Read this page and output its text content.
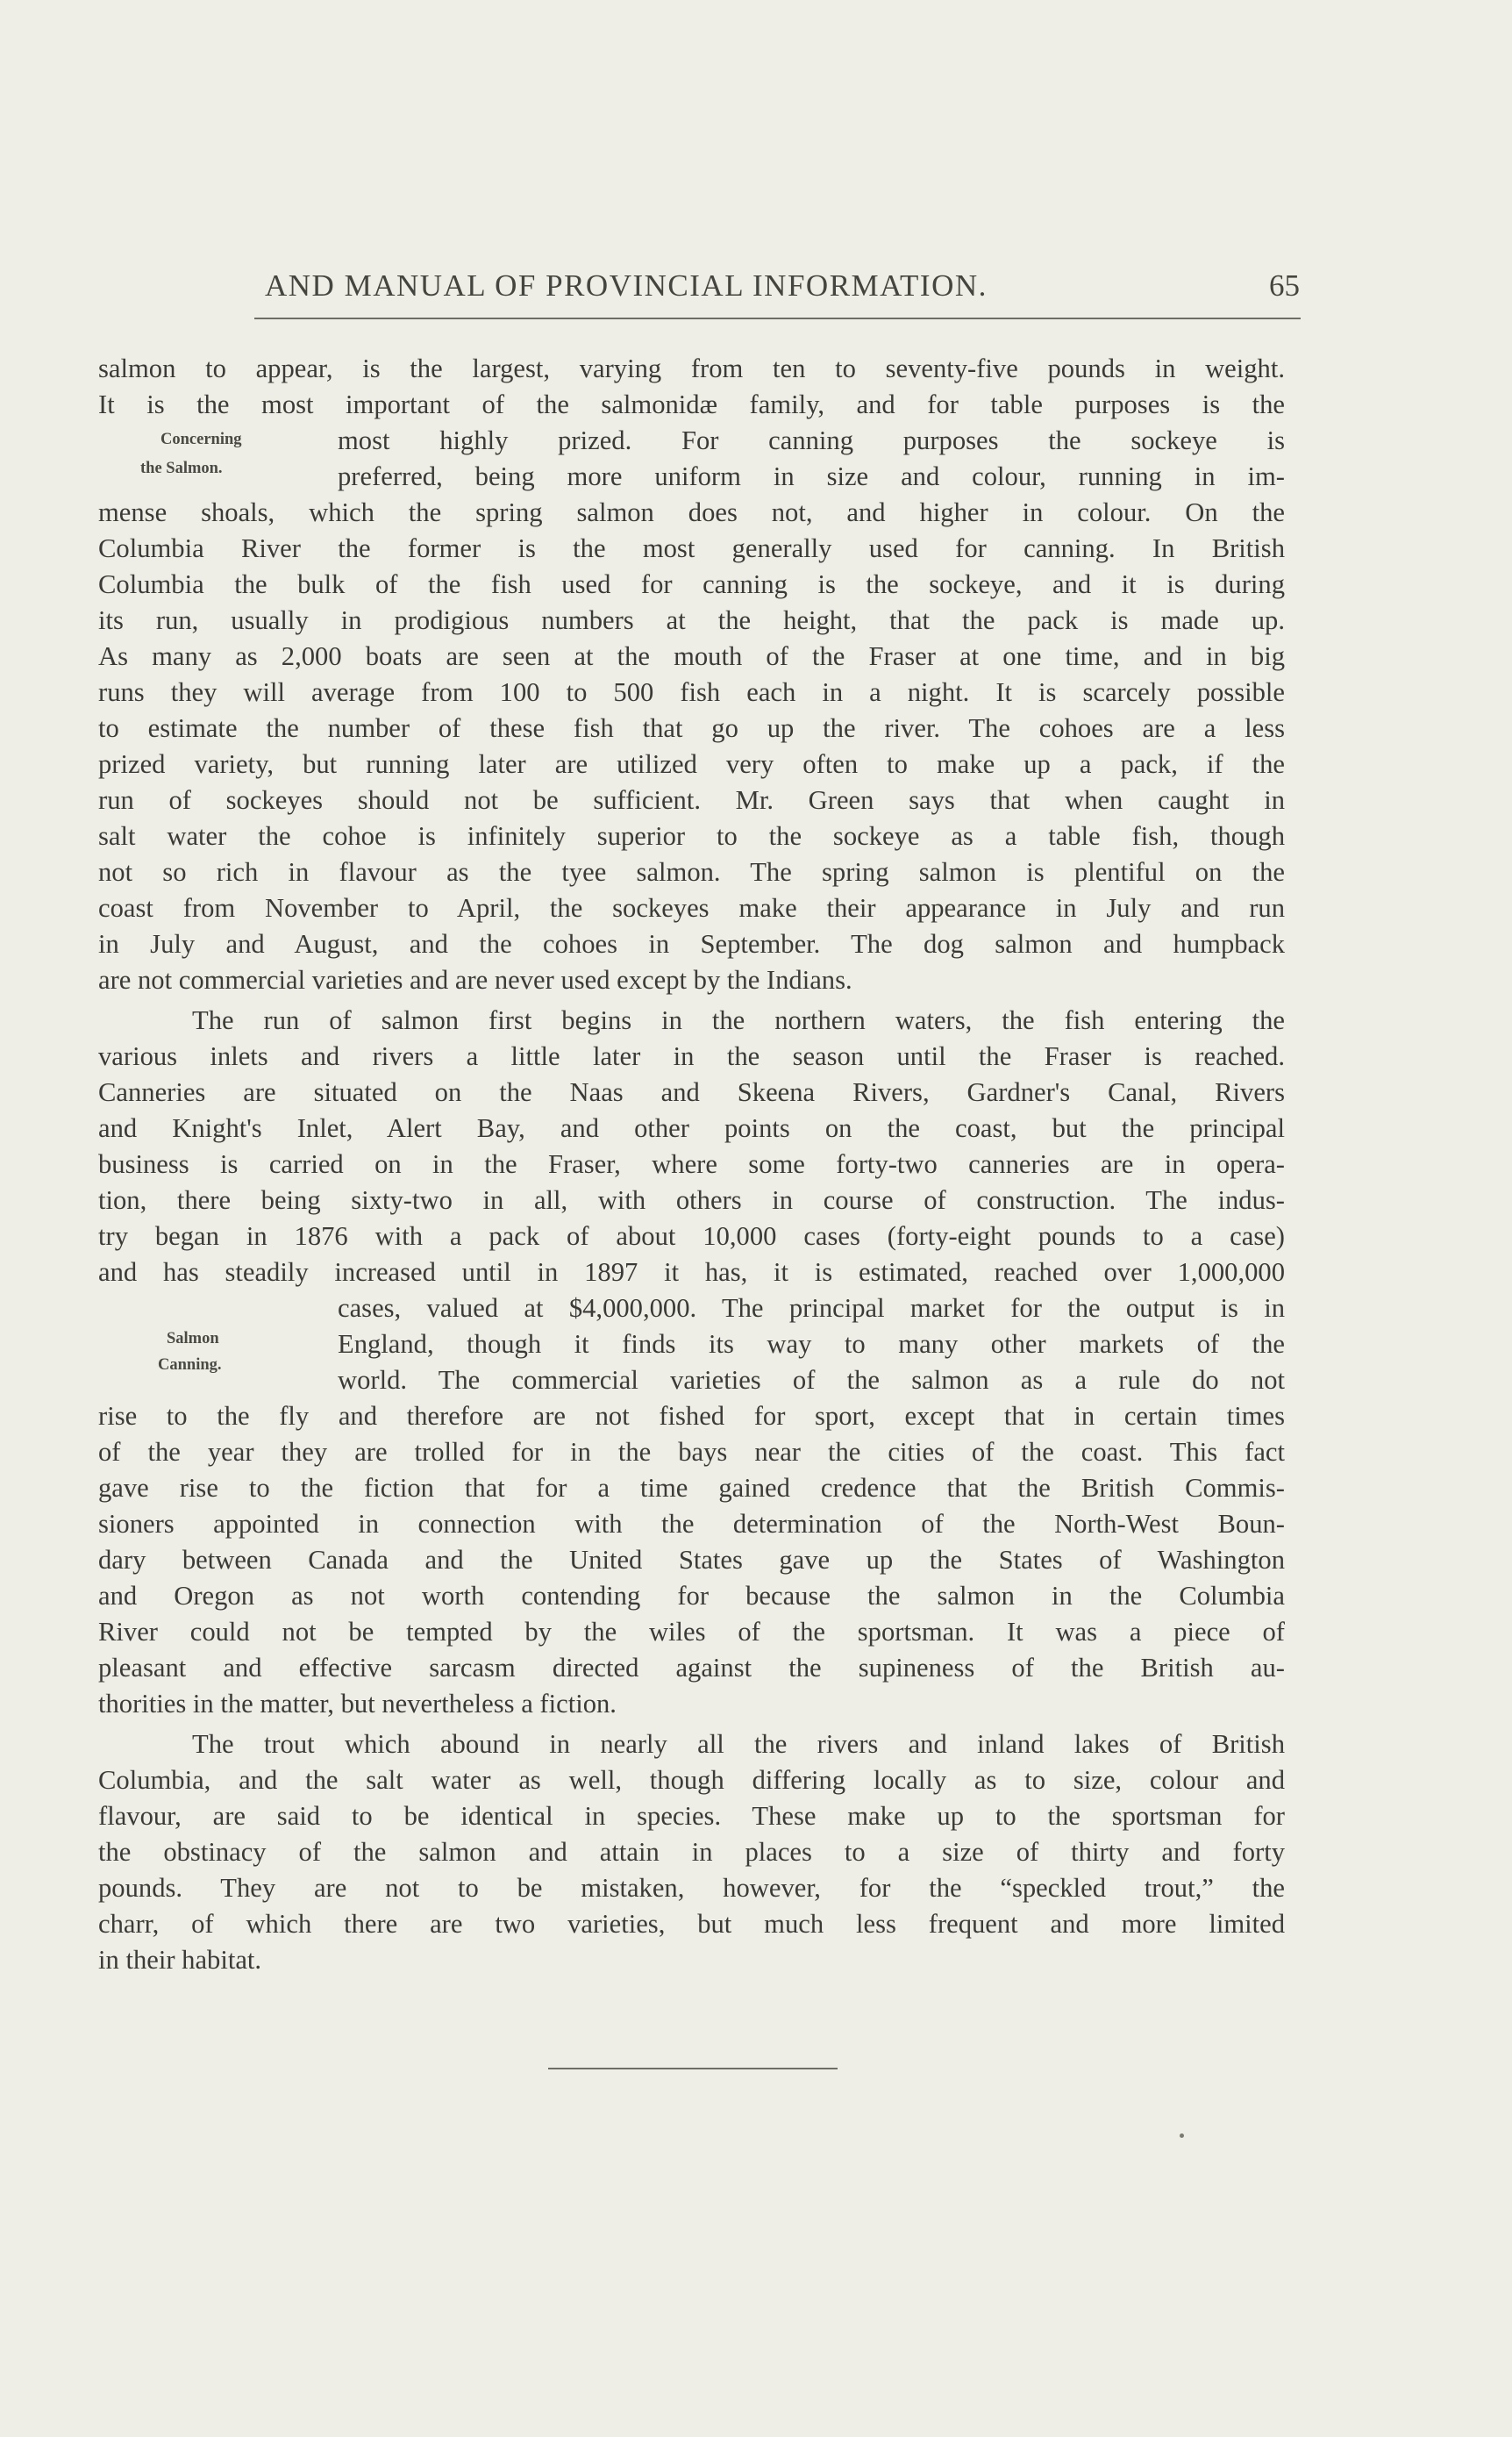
AND MANUAL OF PROVINCIAL INFORMATION.	65
Concerning
the Salmon.
Salmon
Canning.
salmon to appear, is the largest, varying from ten to seventy-five pounds in weight.
It is the most important of the salmonidæ family, and for table purposes is the
most highly prized. For canning purposes the sockeye is
preferred, being more uniform in size and colour, running in im-
mense shoals, which the spring salmon does not, and higher in colour. On the
Columbia River the former is the most generally used for canning. In British
Columbia the bulk of the fish used for canning is the sockeye, and it is during
its run, usually in prodigious numbers at the height, that the pack is made up.
As many as 2,000 boats are seen at the mouth of the Fraser at one time, and in big
runs they will average from 100 to 500 fish each in a night. It is scarcely possible
to estimate the number of these fish that go up the river. The cohoes are a less
prized variety, but running later are utilized very often to make up a pack, if the
run of sockeyes should not be sufficient. Mr. Green says that when caught in
salt water the cohoe is infinitely superior to the sockeye as a table fish, though
not so rich in flavour as the tyee salmon. The spring salmon is plentiful on the
coast from November to April, the sockeyes make their appearance in July and run
in July and August, and the cohoes in September. The dog salmon and humpback
are not commercial varieties and are never used except by the Indians.
The run of salmon first begins in the northern waters, the fish entering the
various inlets and rivers a little later in the season until the Fraser is reached.
Canneries are situated on the Naas and Skeena Rivers, Gardner's Canal, Rivers
and Knight's Inlet, Alert Bay, and other points on the coast, but the principal
business is carried on in the Fraser, where some forty-two canneries are in opera-
tion, there being sixty-two in all, with others in course of construction. The indus-
try began in 1876 with a pack of about 10,000 cases (forty-eight pounds to a case)
and has steadily increased until in 1897 it has, it is estimated, reached over 1,000,000
cases, valued at $4,000,000. The principal market for the output is in
England, though it finds its way to many other markets of the
world. The commercial varieties of the salmon as a rule do not
rise to the fly and therefore are not fished for sport, except that in certain times
of the year they are trolled for in the bays near the cities of the coast. This fact
gave rise to the fiction that for a time gained credence that the British Commis-
sioners appointed in connection with the determination of the North-West Boun-
dary between Canada and the United States gave up the States of Washington
and Oregon as not worth contending for because the salmon in the Columbia
River could not be tempted by the wiles of the sportsman. It was a piece of
pleasant and effective sarcasm directed against the supineness of the British au-
thorities in the matter, but nevertheless a fiction.
The trout which abound in nearly all the rivers and inland lakes of British
Columbia, and the salt water as well, though differing locally as to size, colour and
flavour, are said to be identical in species. These make up to the sportsman for
the obstinacy of the salmon and attain in places to a size of thirty and forty
pounds. They are not to be mistaken, however, for the “speckled trout,” the
charr, of which there are two varieties, but much less frequent and more limited
in their habitat.
